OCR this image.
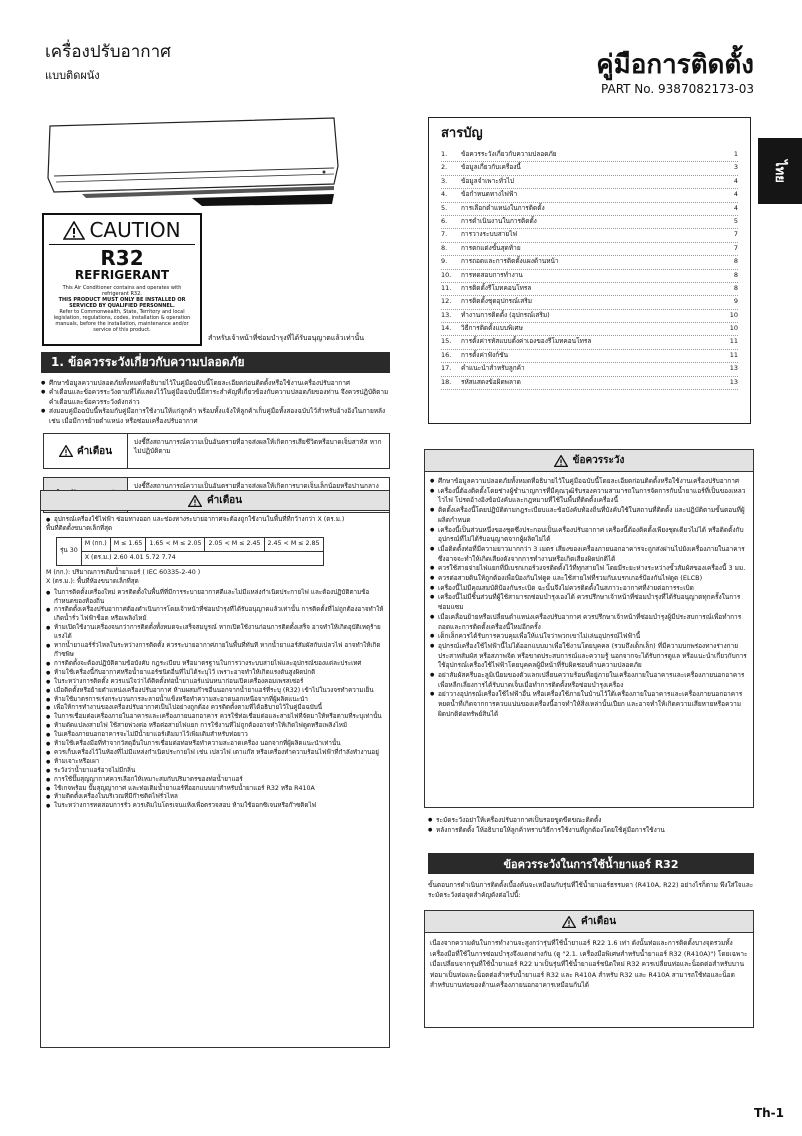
เครื่องปรับอากาศ
แบบติดผนัง	คู่มือการติดตั้ง
PART No. 9387082173-03
ไทย
CAUTION
R32
REFRIGERANT
This Air Conditioner contains and operates with refrigerant R32.
THIS PRODUCT MUST ONLY BE INSTALLED OR SERVICED BY QUALIFIED PERSONNEL.
Refer to Commonwealth, State, Territory and local legislation, regulations, codes, installation & operation manuals, before the installation, maintenance and/or service of this product.
สำหรับเจ้าหน้าที่ซ่อมบำรุงที่ได้รับอนุญาตแล้วเท่านั้น
สารบัญ
1.	ข้อควรระวังเกี่ยวกับความปลอดภัย	1
2.	ข้อมูลเกี่ยวกับเครื่องนี้	3
3.	ข้อมูลจำเพาะทั่วไป	4
4.	ข้อกำหนดทางไฟฟ้า	4
5.	การเลือกตำแหน่งในการติดตั้ง	4
6.	การดำเนินงานในการติดตั้ง	5
7.	การวางระบบสายไฟ	7
8.	การตกแต่งขั้นสุดท้าย	7
9.	การถอดและการติดตั้งแผงด้านหน้า	8
10.	การทดสอบการทำงาน	8
11.	การติดตั้งรีโมทคอนโทรล	8
12.	การติดตั้งชุดอุปกรณ์เสริม	9
13.	ทำงานการติดตั้ง (อุปกรณ์เสริม)	10
14.	วิธีการติดตั้งแบบพิเศษ	10
15.	การตั้งค่ารหัสแบบตั้งค่าเองของรีโมทคอนโทรล	11
16.	การตั้งค่าฟังก์ชัน	11
17.	คำแนะนำสำหรับลูกค้า	13
18.	รหัสแสดงข้อผิดพลาด	13
1. ข้อควรระวังเกี่ยวกับความปลอดภัย
● ศึกษาข้อมูลความปลอดภัยทั้งหมดที่อธิบายไว้ในคู่มือฉบับนี้โดยละเอียดก่อนติดตั้งหรือใช้งานเครื่องปรับอากาศ
● คำเตือนและข้อควรระวังตามที่ได้แสดงไว้ในคู่มือฉบับนี้มีสาระสำคัญที่เกี่ยวข้องกับความปลอดภัยของท่าน จึงควรปฏิบัติตามคำเตือนและข้อควรระวังดังกล่าว
● ส่งมอบคู่มือฉบับนี้พร้อมกับคู่มือการใช้งานให้แก่ลูกค้า พร้อมทั้งแจ้งให้ลูกค้าเก็บคู่มือทั้งสองฉบับไว้สำหรับอ้างอิงในภายหลัง เช่น เมื่อมีการย้ายตำแหน่ง หรือซ่อมเครื่องปรับอากาศ
คำเตือน
บ่งชี้ถึงสถานการณ์ความเป็นอันตรายที่อาจส่งผลให้เกิดการเสียชีวิตหรือบาดเจ็บสาหัส หากไม่ปฏิบัติตาม
บ่งชี้ถึงสถานการณ์ความเป็นอันตรายที่อาจส่งผลให้เกิดการบาดเจ็บเล็กน้อยหรือปานกลาง
คำเตือน
● อุปกรณ์เครื่องใช้ไฟฟ้า ซ่อมทางออก และช่องทางระบายอากาศจะต้องถูกใช้งานในพื้นที่ที่กว้างกว่า X (ตร.ม.)
พื้นที่ติดตั้งขนาดเล็กที่สุด
รุ่น 30	M (กก.)	M ≤ 1.65	1.65 < M ≤ 2.05	2.05 < M ≤ 2.45	2.45 < M ≤ 2.85
X (ตร.ม.) 2.60 4.01 5.72 7.74
M (กก.): ปริมาณการเติมน้ำยาแอร์ ( IEC 60335-2-40 )
X (ตร.ม.): พื้นที่ห้องขนาดเล็กที่สุด
● ในการติดตั้งเครื่องใหม่ ควรติดตั้งในพื้นที่ที่มีการระบายอากาศดีและไม่มีแหล่งกำเนิดประกายไฟ และต้องปฏิบัติตามข้อกำหนดของท้องถิ่น
● การติดตั้งเครื่องปรับอากาศต้องดำเนินการโดยเจ้าหน้าที่ซ่อมบำรุงที่ได้รับอนุญาตแล้วเท่านั้น การติดตั้งที่ไม่ถูกต้องอาจทำให้เกิดน้ำรั่ว ไฟฟ้าช็อต หรือเพลิงไหม้
● ห้ามเปิดใช้งานเครื่องจนกว่าการติดตั้งทั้งหมดจะเสร็จสมบูรณ์ หากเปิดใช้งานก่อนการติดตั้งเสร็จ อาจทำให้เกิดอุบัติเหตุร้ายแรงได้
● หากน้ำยาแอร์รั่วไหลในระหว่างการติดตั้ง ควรระบายอากาศภายในพื้นที่ทันที หากน้ำยาแอร์สัมผัสกับเปลวไฟ อาจทำให้เกิดก๊าซพิษ
● การติดตั้งจะต้องปฏิบัติตามข้อบังคับ กฎระเบียบ หรือมาตรฐานในการวางระบบสายไฟและอุปกรณ์ของแต่ละประเทศ
● ห้ามใช้เครื่องนี้กับอากาศหรือน้ำยาแอร์ชนิดอื่นที่ไม่ได้ระบุไว้ เพราะอาจทำให้เกิดแรงดันสูงผิดปกติ
● ในระหว่างการติดตั้ง ควรแน่ใจว่าได้ติดตั้งท่อน้ำยาแอร์แน่นหนาก่อนเปิดเครื่องคอมเพรสเซอร์
● เมื่อติดตั้งหรือย้ายตำแหน่งเครื่องปรับอากาศ ห้ามผสมก๊าซอื่นนอกจากน้ำยาแอร์ที่ระบุ (R32) เข้าไปในวงจรทำความเย็น
● ห้ามใช้มาตรการเร่งกระบวนการละลายน้ำแข็งหรือทำความสะอาดนอกเหนือจากที่ผู้ผลิตแนะนำ
● เพื่อให้การทำงานของเครื่องปรับอากาศเป็นไปอย่างถูกต้อง ควรติดตั้งตามที่ได้อธิบายไว้ในคู่มือฉบับนี้
● ในการเชื่อมต่อเครื่องภายในอาคารและเครื่องภายนอกอาคาร ควรใช้ท่อเชื่อมต่อและสายไฟที่จัดมาให้หรือตามที่ระบุเท่านั้น
● ห้ามดัดแปลงสายไฟ ใช้สายพ่วงต่อ หรือต่อสายไฟแยก การใช้งานที่ไม่ถูกต้องอาจทำให้เกิดไฟดูดหรือเพลิงไหม้
● ในเครื่องภายนอกอาคารจะไม่มีน้ำยาแอร์เติมมาไว้เพิ่มเติมสำหรับท่อยาว
● ห้ามใช้เครื่องมือที่ทำจากวัสดุอื่นในการเชื่อมต่อท่อหรือทำความสะอาดเครื่อง นอกจากที่ผู้ผลิตแนะนำเท่านั้น
● ควรเก็บเครื่องไว้ในห้องที่ไม่มีแหล่งกำเนิดประกายไฟ เช่น เปลวไฟ เตาแก๊ส หรือเครื่องทำความร้อนไฟฟ้าที่กำลังทำงานอยู่
● ห้ามเจาะหรือเผา
● ระวังว่าน้ำยาแอร์อาจไม่มีกลิ่น
● การใช้ปั๊มสุญญากาศควรเลือกให้เหมาะสมกับปริมาตรของท่อน้ำยาแอร์
● ใช้เกจพร้อม ปั๊มสุญญากาศ และท่อเติมน้ำยาแอร์ที่ออกแบบมาสำหรับน้ำยาแอร์ R32 หรือ R410A
● ห้ามติดตั้งเครื่องในบริเวณที่มีก๊าซติดไฟรั่วไหล
● ในระหว่างการทดสอบการรั่ว ควรเติมไนโตรเจนแห้งเพื่อตรวจสอบ ห้ามใช้ออกซิเจนหรือก๊าซติดไฟ
ข้อควรระวัง
● ศึกษาข้อมูลความปลอดภัยทั้งหมดที่อธิบายไว้ในคู่มือฉบับนี้โดยละเอียดก่อนติดตั้งหรือใช้งานเครื่องปรับอากาศ
● เครื่องนี้ต้องติดตั้งโดยช่างผู้ชำนาญการที่มีคุณวุฒิรับรองความสามารถในการจัดการกับน้ำยาแอร์ที่เป็นของเหลวไวไฟ โปรดอ้างอิงข้อบังคับและกฎหมายที่ใช้ในพื้นที่ติดตั้งเครื่องนี้
● ติดตั้งเครื่องนี้โดยปฏิบัติตามกฎระเบียบและข้อบังคับท้องถิ่นที่บังคับใช้ในสถานที่ติดตั้ง และปฏิบัติตามขั้นตอนที่ผู้ผลิตกำหนด
● เครื่องนี้เป็นส่วนหนึ่งของชุดซึ่งประกอบเป็นเครื่องปรับอากาศ เครื่องนี้ต้องติดตั้งเพียงชุดเดียวไม่ได้ หรือติดตั้งกับอุปกรณ์ที่ไม่ได้รับอนุญาตจากผู้ผลิตไม่ได้
● เมื่อติดตั้งท่อที่มีความยาวมากกว่า 3 เมตร เสียงของเครื่องภายนอกอาคารจะถูกส่งผ่านไปยังเครื่องภายในอาคาร ซึ่งอาจจะทำให้เกิดเสียงดังจากการทำงานหรือเกิดเสียงผิดปกติได้
● ควรใช้สายจ่ายไฟแยกที่มีเบรกเกอร์วงจรติดตั้งไว้ที่ทุกสายไฟ โดยมีระยะห่างระหว่างขั้วสัมผัสของเครื่องนี้ 3 มม.
● ควรต่อสายดินให้ถูกต้องเพื่อป้องกันไฟดูด และใช้สายไฟที่รวมกับเบรกเกอร์ป้องกันไฟดูด (ELCB)
● เครื่องนี้ไม่มีคุณสมบัติป้องกันระเบิด ฉะนั้นจึงไม่ควรติดตั้งในสภาวะอากาศที่ง่ายต่อการระเบิด
● เครื่องนี้ไม่มีชิ้นส่วนที่ผู้ใช้สามารถซ่อมบำรุงเองได้ ควรปรึกษาเจ้าหน้าที่ซ่อมบำรุงที่ได้รับอนุญาตทุกครั้งในการซ่อมแซม
● เมื่อเคลื่อนย้ายหรือเปลี่ยนตำแหน่งเครื่องปรับอากาศ ควรปรึกษาเจ้าหน้าที่ซ่อมบำรุงผู้มีประสบการณ์เพื่อทำการถอดและการติดตั้งเครื่องนี้ใหม่อีกครั้ง
● เด็กเล็กควรได้รับการควบคุมเพื่อให้แน่ใจว่าพวกเขาไม่เล่นอุปกรณ์ไฟฟ้านี้
● อุปกรณ์เครื่องใช้ไฟฟ้านี้ไม่ได้ออกแบบมาเพื่อใช้งานโดยบุคคล (รวมถึงเด็กเล็ก) ที่มีความบกพร่องทางร่างกาย ประสาทสัมผัส หรือสภาพจิต หรือขาดประสบการณ์และความรู้ นอกจากจะได้รับการดูแล หรือแนะนำเกี่ยวกับการใช้อุปกรณ์เครื่องใช้ไฟฟ้าโดยบุคคลผู้มีหน้าที่รับผิดชอบด้านความปลอดภัย
● อย่าสัมผัสครีบอะลูมิเนียมของตัวแลกเปลี่ยนความร้อนที่อยู่ภายในเครื่องภายในอาคารและเครื่องภายนอกอาคาร เพื่อหลีกเลี่ยงการได้รับบาดเจ็บเมื่อทำการติดตั้งหรือซ่อมบำรุงเครื่อง
● อย่าวางอุปกรณ์เครื่องใช้ไฟฟ้าอื่น หรือเครื่องใช้ภายในบ้านไว้ใต้เครื่องภายในอาคารและเครื่องภายนอกอาคาร หยดน้ำที่เกิดจากการควบแน่นของเครื่องนี้อาจทำให้สิ่งเหล่านั้นเปียก และอาจทำให้เกิดความเสียหายหรือความผิดปกติต่อทรัพย์สินได้
● ระมัดระวังอย่าให้เครื่องปรับอากาศเป็นรอยขูดขีดขณะติดตั้ง
● หลังการติดตั้ง ให้อธิบายให้ลูกค้าทราบวิธีการใช้งานที่ถูกต้องโดยใช้คู่มือการใช้งาน
ข้อควรระวังในการใช้น้ำยาแอร์ R32
ขั้นตอนการดำเนินการติดตั้งเบื้องต้นจะเหมือนกับรุ่นที่ใช้น้ำยาแอร์ธรรมดา (R410A, R22) อย่างไรก็ตาม พึงใส่ใจและระมัดระวังต่อจุดสำคัญดังต่อไปนี้:
คำเตือน
เนื่องจากความดันในการทำงานจะสูงกว่ารุ่นที่ใช้น้ำยาแอร์ R22 1.6 เท่า ดังนั้นท่อและการติดตั้งบางจุดรวมทั้งเครื่องมือที่ใช้ในการซ่อมบำรุงจึงแตกต่างกัน (ดู "2.1. เครื่องมือพิเศษสำหรับน้ำยาแอร์ R32 (R410A)") โดยเฉพาะเมื่อเปลี่ยนจากรุ่นที่ใช้น้ำยาแอร์ R22 มาเป็นรุ่นที่ใช้น้ำยาแอร์ชนิดใหม่ R32 ควรเปลี่ยนท่อและน็อตต่อสำหรับบานท่อมาเป็นท่อและน็อตต่อสำหรับน้ำยาแอร์ R32 และ R410A สำหรับ R32 และ R410A สามารถใช้ท่อและน็อตสำหรับบานท่อของด้านเครื่องภายนอกอาคารเหมือนกันได้
Th-1
